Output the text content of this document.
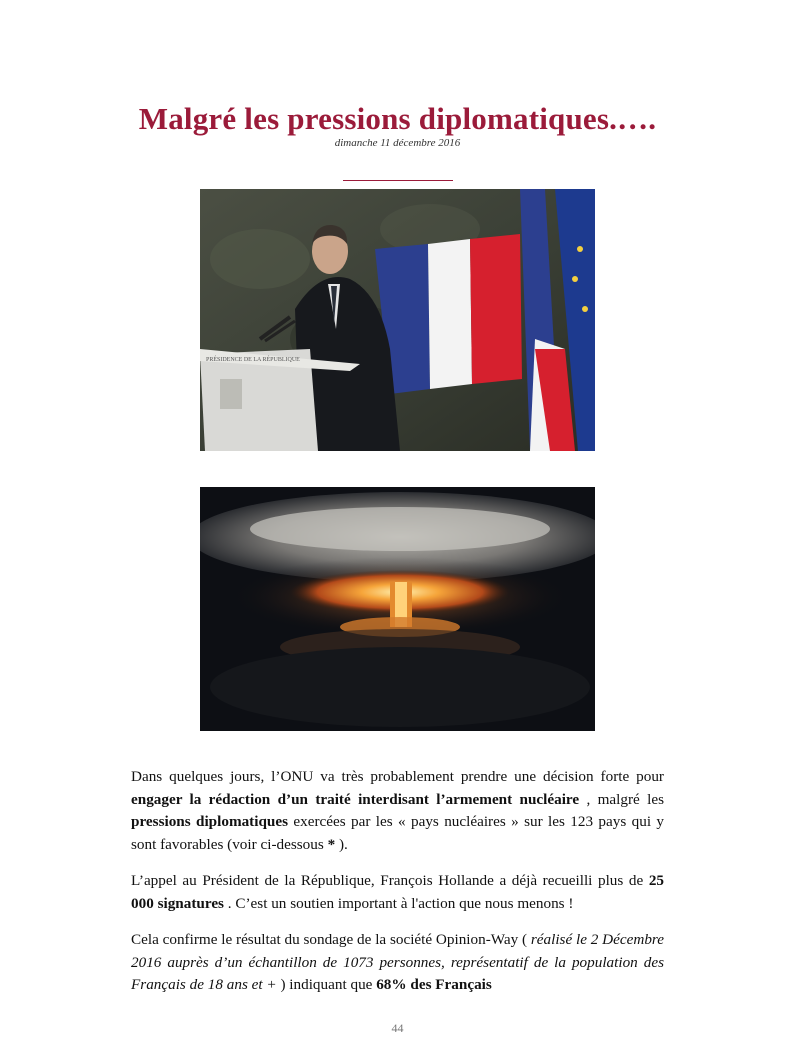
Malgré les pressions diplomatiques.….
dimanche 11 décembre 2016
PRÉSIDENCE DE LA RÉPUBLIQUE
Dans quelques jours, l’ONU va très probablement prendre une décision forte pour engager la rédaction d’un traité interdisant l’armement nucléaire , malgré les pressions diplomatiques exercées par les « pays nucléaires » sur les 123 pays qui y sont favorables (voir ci-dessous * ).
L’appel au Président de la République, François Hollande a déjà recueilli plus de 25 000 signatures . C’est un soutien important à l'action que nous menons !
Cela confirme le résultat du sondage de la société Opinion-Way ( réalisé le 2 Décembre 2016 auprès d’un échantillon de 1073 personnes, représentatif de la population des Français de 18 ans et + ) indiquant que 68% des Français
44
